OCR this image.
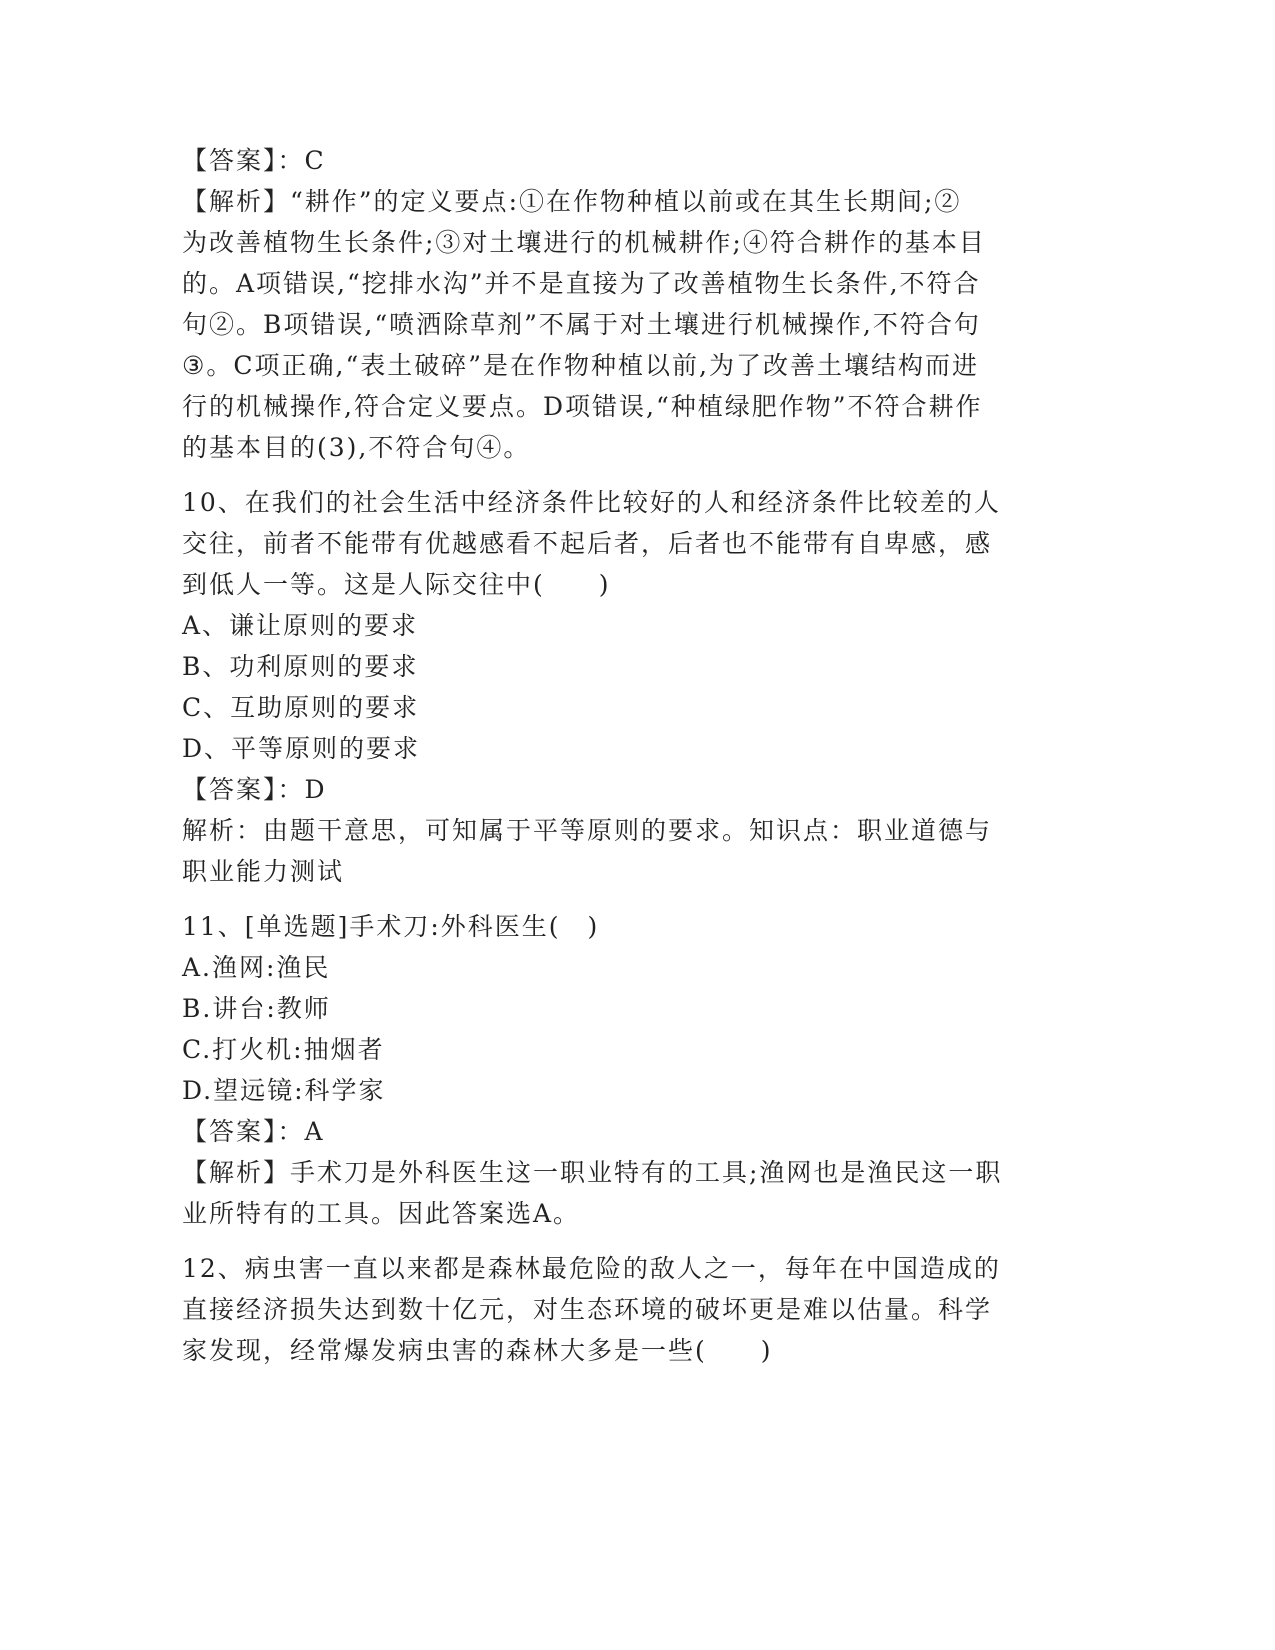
【答案】：C
【解析】“耕作”的定义要点:①在作物种植以前或在其生长期间;②
为改善植物生长条件;③对土壤进行的机械耕作;④符合耕作的基本目
的。A项错误,“挖排水沟”并不是直接为了改善植物生长条件,不符合
句②。B项错误,“喷洒除草剂”不属于对土壤进行机械操作,不符合句
③。C项正确,“表土破碎”是在作物种植以前,为了改善土壤结构而进
行的机械操作,符合定义要点。D项错误,“种植绿肥作物”不符合耕作
的基本目的(3),不符合句④。
10、在我们的社会生活中经济条件比较好的人和经济条件比较差的人
交往，前者不能带有优越感看不起后者，后者也不能带有自卑感，感
到低人一等。这是人际交往中(　　)
A、谦让原则的要求
B、功利原则的要求
C、互助原则的要求
D、平等原则的要求
【答案】：D
解析：由题干意思，可知属于平等原则的要求。知识点：职业道德与
职业能力测试
11、[单选题]手术刀:外科医生(　)
A.渔网:渔民
B.讲台:教师
C.打火机:抽烟者
D.望远镜:科学家
【答案】：A
【解析】手术刀是外科医生这一职业特有的工具;渔网也是渔民这一职
业所特有的工具。因此答案选A。
12、病虫害一直以来都是森林最危险的敌人之一，每年在中国造成的
直接经济损失达到数十亿元，对生态环境的破坏更是难以估量。科学
家发现，经常爆发病虫害的森林大多是一些(　　)
